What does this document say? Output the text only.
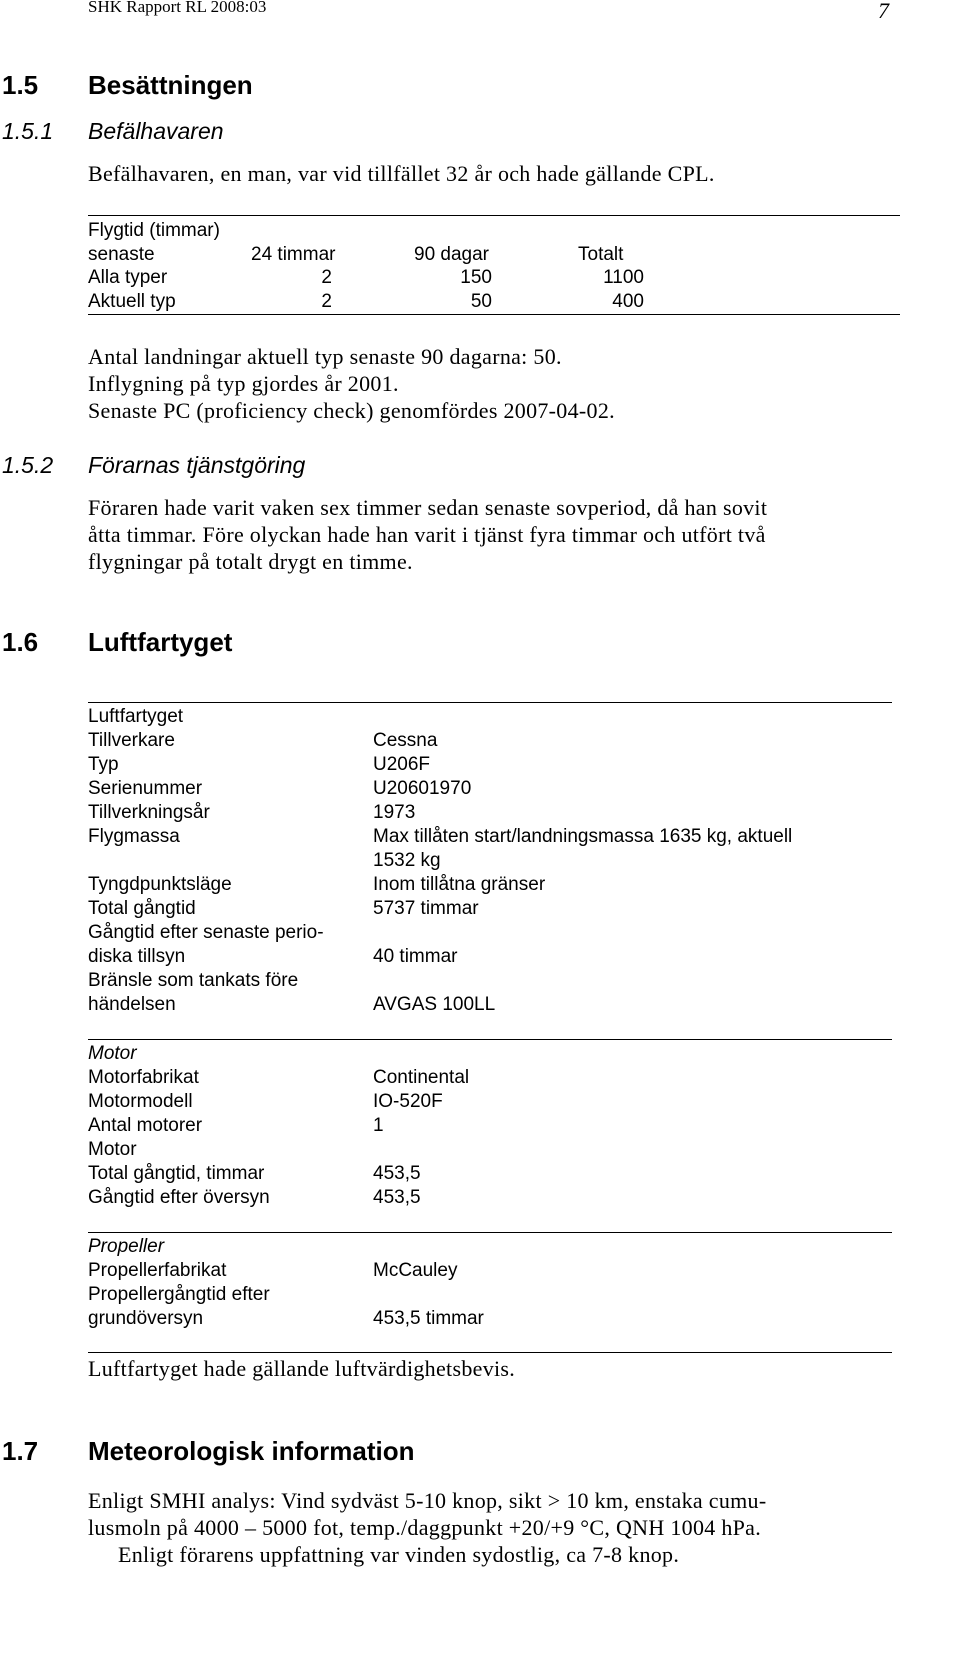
SHK Rapport RL 2008:03	7
1.5 Besättningen
1.5.1 Befälhavaren
Befälhavaren, en man, var vid tillfället 32 år och hade gällande CPL.
Flygtid (timmar)
senaste	24 timmar	90 dagar	Totalt
Alla typer	2	150	1100
Aktuell typ	2	50	400
Antal landningar aktuell typ senaste 90 dagarna: 50.
Inflygning på typ gjordes år 2001.
Senaste PC (proficiency check) genomfördes 2007-04-02.
1.5.2 Förarnas tjänstgöring
Föraren hade varit vaken sex timmer sedan senaste sovperiod, då han sovit
åtta timmar. Före olyckan hade han varit i tjänst fyra timmar och utfört två
flygningar på totalt drygt en timme.
1.6 Luftfartyget
Luftfartyget
Tillverkare	Cessna
Typ	U206F
Serienummer	U20601970
Tillverkningsår	1973
Flygmassa	Max tillåten start/landningsmassa 1635 kg, aktuell
1532 kg
Tyngdpunktsläge	Inom tillåtna gränser
Total gångtid	5737 timmar
Gångtid efter senaste perio-
diska tillsyn	40 timmar
Bränsle som tankats före
händelsen	AVGAS 100LL
Motor
Motorfabrikat	Continental
Motormodell	IO-520F
Antal motorer	1
Motor
Total gångtid, timmar	453,5
Gångtid efter översyn	453,5
Propeller
Propellerfabrikat	McCauley
Propellergångtid efter
grundöversyn	453,5 timmar
Luftfartyget hade gällande luftvärdighetsbevis.
1.7 Meteorologisk information
Enligt SMHI analys: Vind sydväst 5-10 knop, sikt > 10 km, enstaka cumu-
lusmoln på 4000 – 5000 fot, temp./daggpunkt +20/+9 °C, QNH 1004 hPa.
Enligt förarens uppfattning var vinden sydostlig, ca 7-8 knop.
